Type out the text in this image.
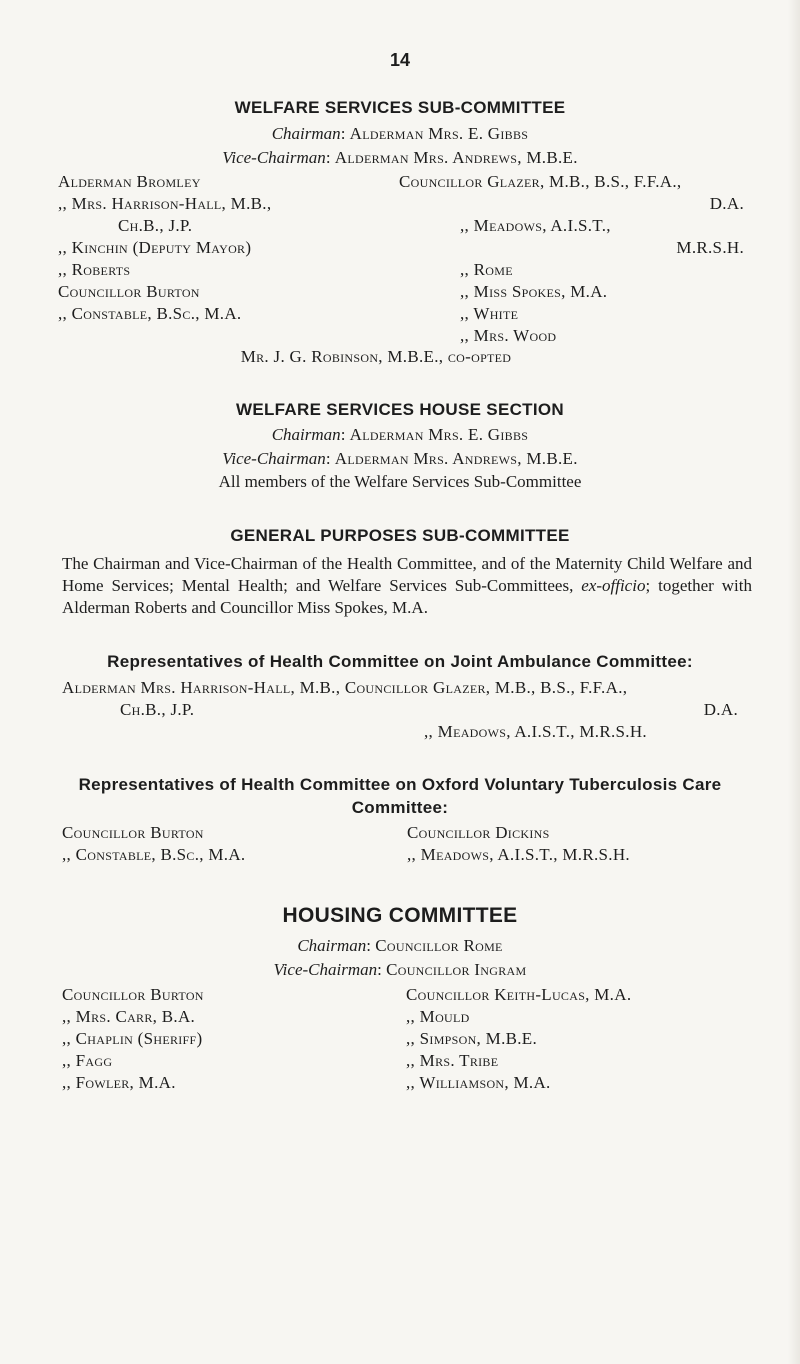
14
WELFARE SERVICES SUB-COMMITTEE
Chairman: Alderman Mrs. E. Gibbs
Vice-Chairman: Alderman Mrs. Andrews, M.B.E.
Alderman Bromley
,, Mrs. Harrison-Hall, M.B.,
Ch.B., J.P.
,, Kinchin (Deputy Mayor)
,, Roberts
Councillor Burton
,, Constable, B.Sc., M.A.
Councillor Glazer, M.B., B.S., F.F.A.,
D.A.
,, Meadows, A.I.S.T.,
M.R.S.H.
,, Rome
,, Miss Spokes, M.A.
,, White
,, Mrs. Wood
Mr. J. G. Robinson, M.B.E., co-opted
WELFARE SERVICES HOUSE SECTION
Chairman: Alderman Mrs. E. Gibbs
Vice-Chairman: Alderman Mrs. Andrews, M.B.E.
All members of the Welfare Services Sub-Committee
GENERAL PURPOSES SUB-COMMITTEE
The Chairman and Vice-Chairman of the Health Committee, and of the Maternity Child Welfare and Home Services; Mental Health; and Welfare Services Sub-Committees, ex-officio; together with Alderman Roberts and Councillor Miss Spokes, M.A.
Representatives of Health Committee on Joint Ambulance Committee:
Alderman Mrs. Harrison-Hall, M.B., Councillor Glazer, M.B., B.S., F.F.A.,
Ch.B., J.P.	D.A.
,, Meadows, A.I.S.T., M.R.S.H.
Representatives of Health Committee on Oxford Voluntary Tuberculosis Care
Committee:
Councillor Burton
,, Constable, B.Sc., M.A.
Councillor Dickins
,, Meadows, A.I.S.T., M.R.S.H.
HOUSING COMMITTEE
Chairman: Councillor Rome
Vice-Chairman: Councillor Ingram
Councillor Burton
,, Mrs. Carr, B.A.
,, Chaplin (Sheriff)
,, Fagg
,, Fowler, M.A.
Councillor Keith-Lucas, M.A.
,, Mould
,, Simpson, M.B.E.
,, Mrs. Tribe
,, Williamson, M.A.
